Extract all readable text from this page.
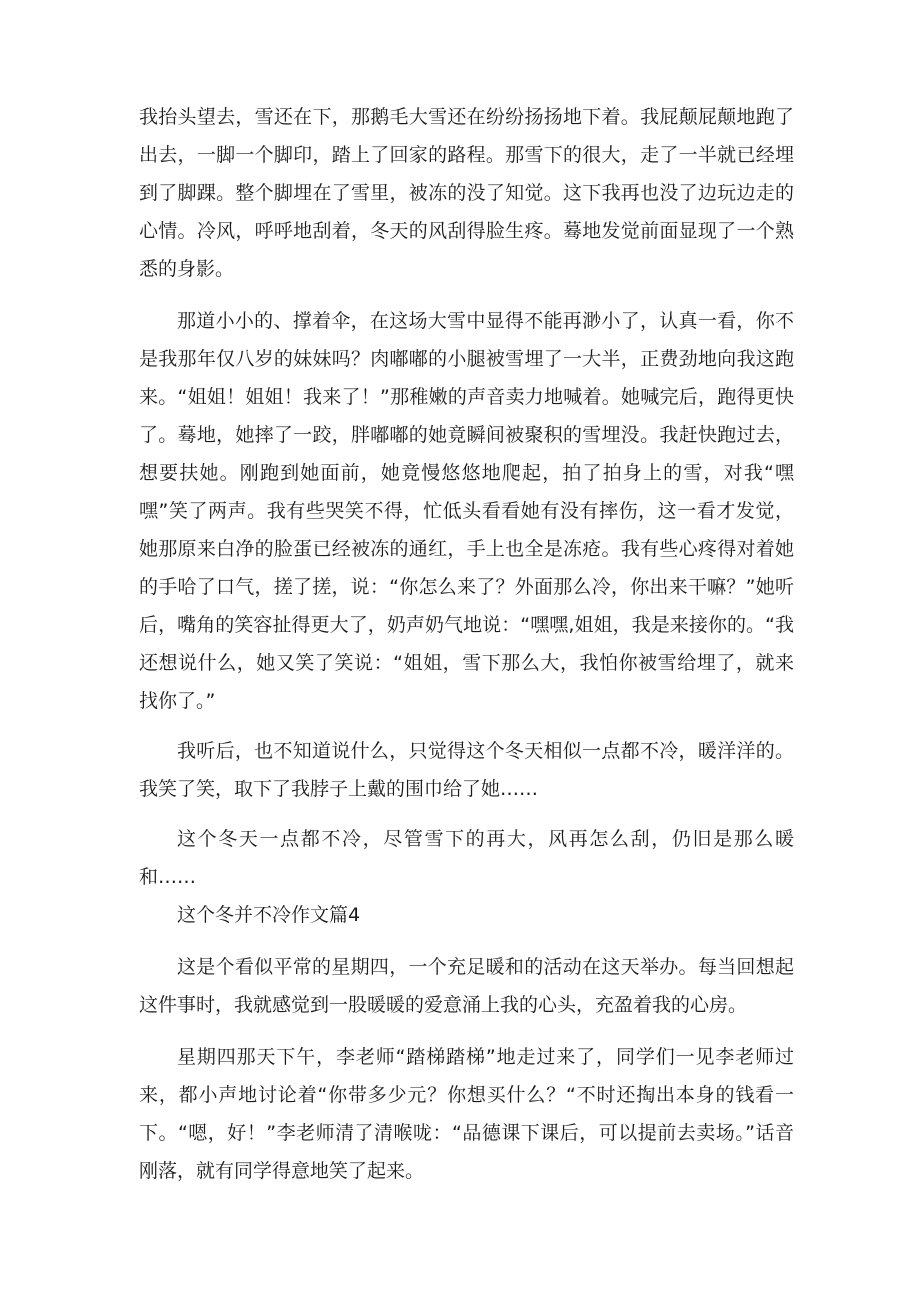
我抬头望去，雪还在下，那鹅毛大雪还在纷纷扬扬地下着。我屁颠屁颠地跑了出去，一脚一个脚印，踏上了回家的路程。那雪下的很大，走了一半就已经埋到了脚踝。整个脚埋在了雪里，被冻的没了知觉。这下我再也没了边玩边走的心情。冷风，呼呼地刮着，冬天的风刮得脸生疼。蓦地发觉前面显现了一个熟悉的身影。

那道小小的、撑着伞，在这场大雪中显得不能再渺小了，认真一看，你不是我那年仅八岁的妹妹吗？肉嘟嘟的小腿被雪埋了一大半，正费劲地向我这跑来。“姐姐！姐姐！我来了！”那稚嫩的声音卖力地喊着。她喊完后，跑得更快了。蓦地，她摔了一跤，胖嘟嘟的她竟瞬间被聚积的雪埋没。我赶快跑过去，想要扶她。刚跑到她面前，她竟慢悠悠地爬起，拍了拍身上的雪，对我“嘿嘿”笑了两声。我有些哭笑不得，忙低头看看她有没有摔伤，这一看才发觉，她那原来白净的脸蛋已经被冻的通红，手上也全是冻疮。我有些心疼得对着她的手哈了口气，搓了搓，说：“你怎么来了？外面那么冷，你出来干嘛？”她听后，嘴角的笑容扯得更大了，奶声奶气地说：“嘿嘿,姐姐，我是来接你的。“我还想说什么，她又笑了笑说：“姐姐，雪下那么大，我怕你被雪给埋了，就来找你了。”

我听后，也不知道说什么，只觉得这个冬天相似一点都不冷，暖洋洋的。我笑了笑，取下了我脖子上戴的围巾给了她……

这个冬天一点都不冷，尽管雪下的再大，风再怎么刮，仍旧是那么暖和……

这个冬并不冷作文篇4

这是个看似平常的星期四，一个充足暖和的活动在这天举办。每当回想起这件事时，我就感觉到一股暖暖的爱意涌上我的心头，充盈着我的心房。

星期四那天下午，李老师“踏梯踏梯”地走过来了，同学们一见李老师过来，都小声地讨论着“你带多少元？你想买什么？“不时还掏出本身的钱看一下。“嗯，好！”李老师清了清喉咙：“品德课下课后，可以提前去卖场。”话音刚落，就有同学得意地笑了起来。
